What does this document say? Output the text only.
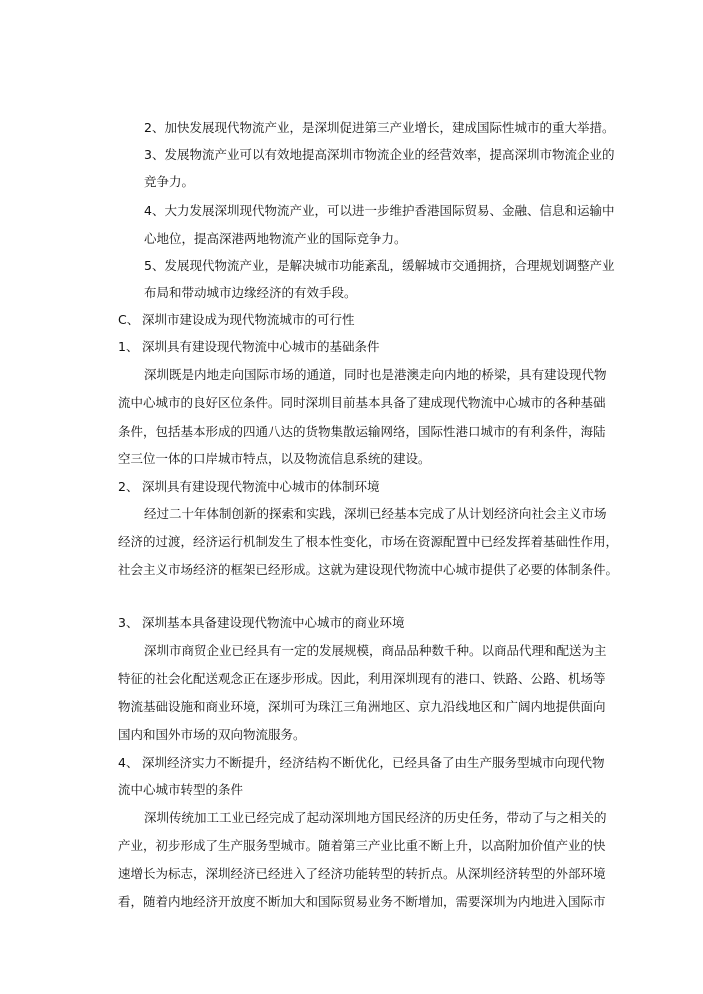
2、加快发展现代物流产业，是深圳促进第三产业增长，建成国际性城市的重大举措。

3、发展物流产业可以有效地提高深圳市物流企业的经营效率，提高深圳市物流企业的

竞争力。

4、大力发展深圳现代物流产业，可以进一步维护香港国际贸易、金融、信息和运输中

心地位，提高深港两地物流产业的国际竞争力。

5、发展现代物流产业，是解决城市功能紊乱，缓解城市交通拥挤，合理规划调整产业

布局和带动城市边缘经济的有效手段。

C、 深圳市建设成为现代物流城市的可行性

1、 深圳具有建设现代物流中心城市的基础条件

深圳既是内地走向国际市场的通道，同时也是港澳走向内地的桥梁，具有建设现代物

流中心城市的良好区位条件。同时深圳目前基本具备了建成现代物流中心城市的各种基础

条件，包括基本形成的四通八达的货物集散运输网络，国际性港口城市的有利条件，海陆

空三位一体的口岸城市特点，以及物流信息系统的建设。

2、 深圳具有建设现代物流中心城市的体制环境

经过二十年体制创新的探索和实践，深圳已经基本完成了从计划经济向社会主义市场

经济的过渡，经济运行机制发生了根本性变化，市场在资源配置中已经发挥着基础性作用，

社会主义市场经济的框架已经形成。这就为建设现代物流中心城市提供了必要的体制条件。

3、 深圳基本具备建设现代物流中心城市的商业环境

深圳市商贸企业已经具有一定的发展规模，商品品种数千种。以商品代理和配送为主

特征的社会化配送观念正在逐步形成。因此，利用深圳现有的港口、铁路、公路、机场等

物流基础设施和商业环境，深圳可为珠江三角洲地区、京九沿线地区和广阔内地提供面向

国内和国外市场的双向物流服务。

4、 深圳经济实力不断提升，经济结构不断优化，已经具备了由生产服务型城市向现代物

流中心城市转型的条件

深圳传统加工工业已经完成了起动深圳地方国民经济的历史任务，带动了与之相关的

产业，初步形成了生产服务型城市。随着第三产业比重不断上升，以高附加价值产业的快

速增长为标志，深圳经济已经进入了经济功能转型的转折点。从深圳经济转型的外部环境

看，随着内地经济开放度不断加大和国际贸易业务不断增加，需要深圳为内地进入国际市
